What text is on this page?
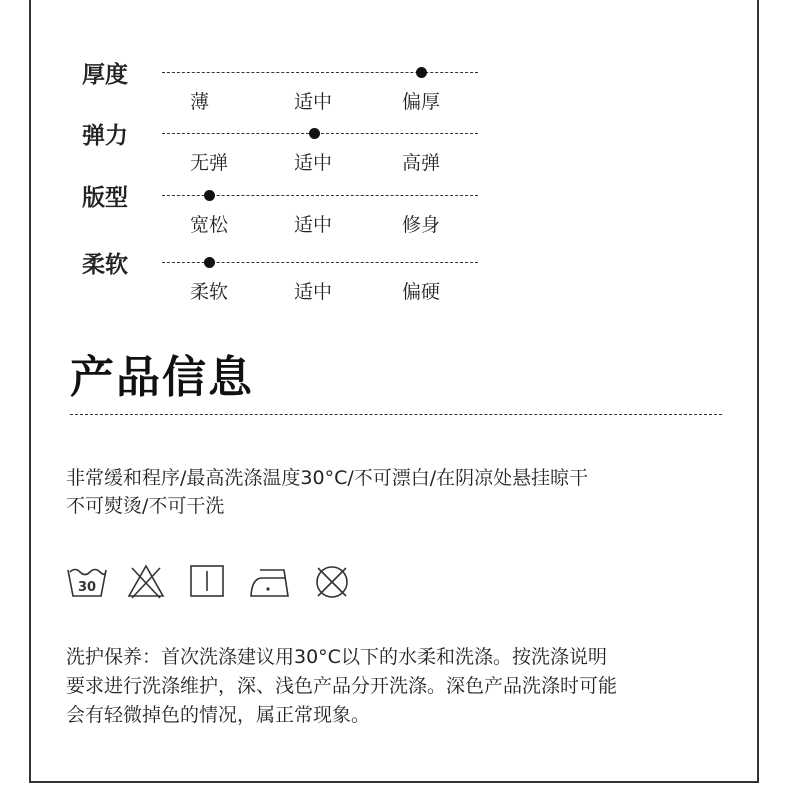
厚度
薄	适中	偏厚
弹力
无弹	适中	高弹
版型
宽松	适中	修身
柔软
柔软	适中	偏硬
产品信息
非常缓和程序/最高洗涤温度30°C/不可漂白/在阴凉处悬挂晾干
不可熨烫/不可干洗
30
洗护保养：首次洗涤建议用30°C以下的水柔和洗涤。按洗涤说明
要求进行洗涤维护，深、浅色产品分开洗涤。深色产品洗涤时可能
会有轻微掉色的情况，属正常现象。
